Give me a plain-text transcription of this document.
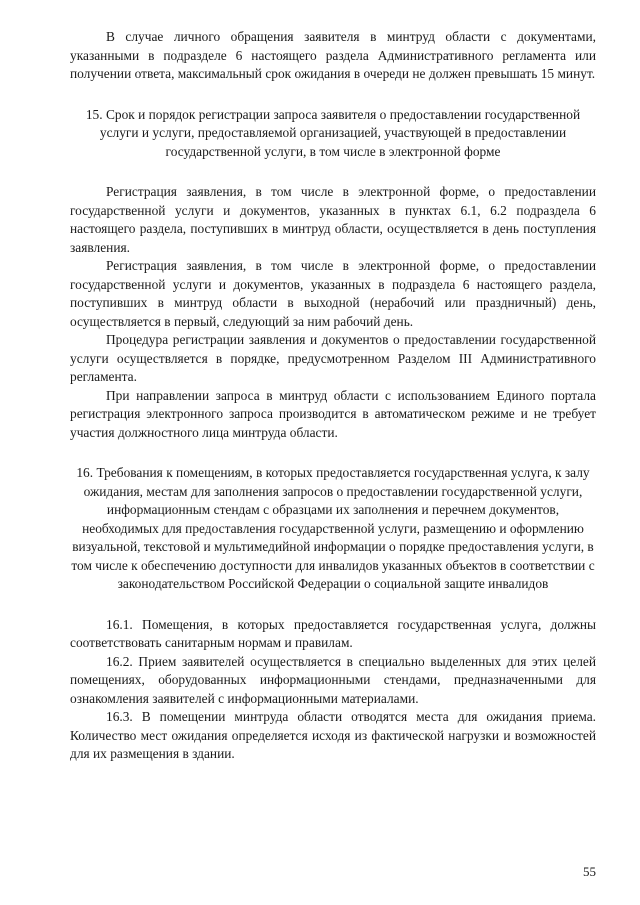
В случае личного обращения заявителя в минтруд области с документами, указанными в подразделе 6 настоящего раздела Административного регламента или получении ответа, максимальный срок ожидания в очереди не должен превышать 15 минут.

15. Срок и порядок регистрации запроса заявителя о предоставлении государственной услуги и услуги, предоставляемой организацией, участвующей в предоставлении государственной услуги, в том числе в электронной форме

Регистрация заявления, в том числе в электронной форме, о предоставлении государственной услуги и документов, указанных в пунктах 6.1, 6.2 подраздела 6 настоящего раздела, поступивших в минтруд области, осуществляется в день поступления заявления.

Регистрация заявления, в том числе в электронной форме, о предоставлении государственной услуги и документов, указанных в подраздела 6 настоящего раздела, поступивших в минтруд области в выходной (нерабочий или праздничный) день, осуществляется в первый, следующий за ним рабочий день.

Процедура регистрации заявления и документов о предоставлении государственной услуги осуществляется в порядке, предусмотренном Разделом III Административного регламента.

При направлении запроса в минтруд области с использованием Единого портала регистрация электронного запроса производится в автоматическом режиме и не требует участия должностного лица минтруда области.

16. Требования к помещениям, в которых предоставляется государственная услуга, к залу ожидания, местам для заполнения запросов о предоставлении государственной услуги, информационным стендам с образцами их заполнения и перечнем документов, необходимых для предоставления государственной услуги, размещению и оформлению визуальной, текстовой и мультимедийной информации о порядке предоставления услуги, в том числе к обеспечению доступности для инвалидов указанных объектов в соответствии с законодательством Российской Федерации о социальной защите инвалидов

16.1. Помещения, в которых предоставляется государственная услуга, должны соответствовать санитарным нормам и правилам.

16.2. Прием заявителей осуществляется в специально выделенных для этих целей помещениях, оборудованных информационными стендами, предназначенными для ознакомления заявителей с информационными материалами.

16.3. В помещении минтруда области отводятся места для ожидания приема. Количество мест ожидания определяется исходя из фактической нагрузки и возможностей для их размещения в здании.

55
